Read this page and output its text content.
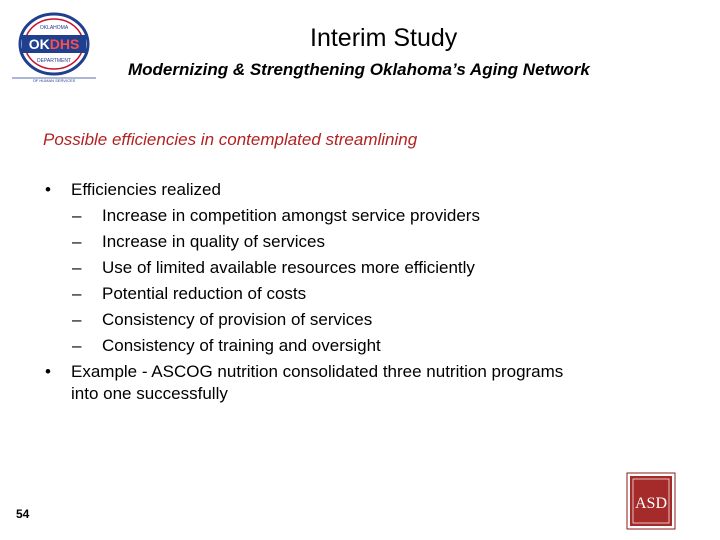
OKDHS
OKLAHOMA
DEPARTMENT
OF HUMAN SERVICES
Interim Study
Modernizing & Strengthening Oklahoma’s Aging Network
Possible efficiencies in contemplated streamlining
• Efficiencies realized
– Increase in competition amongst service providers
– Increase in quality of services
– Use of limited available resources more efficiently
– Potential reduction of costs
– Consistency of provision of services
– Consistency of training and oversight
• Example - ASCOG nutrition consolidated three nutrition programs
into one successfully
54
ASD
